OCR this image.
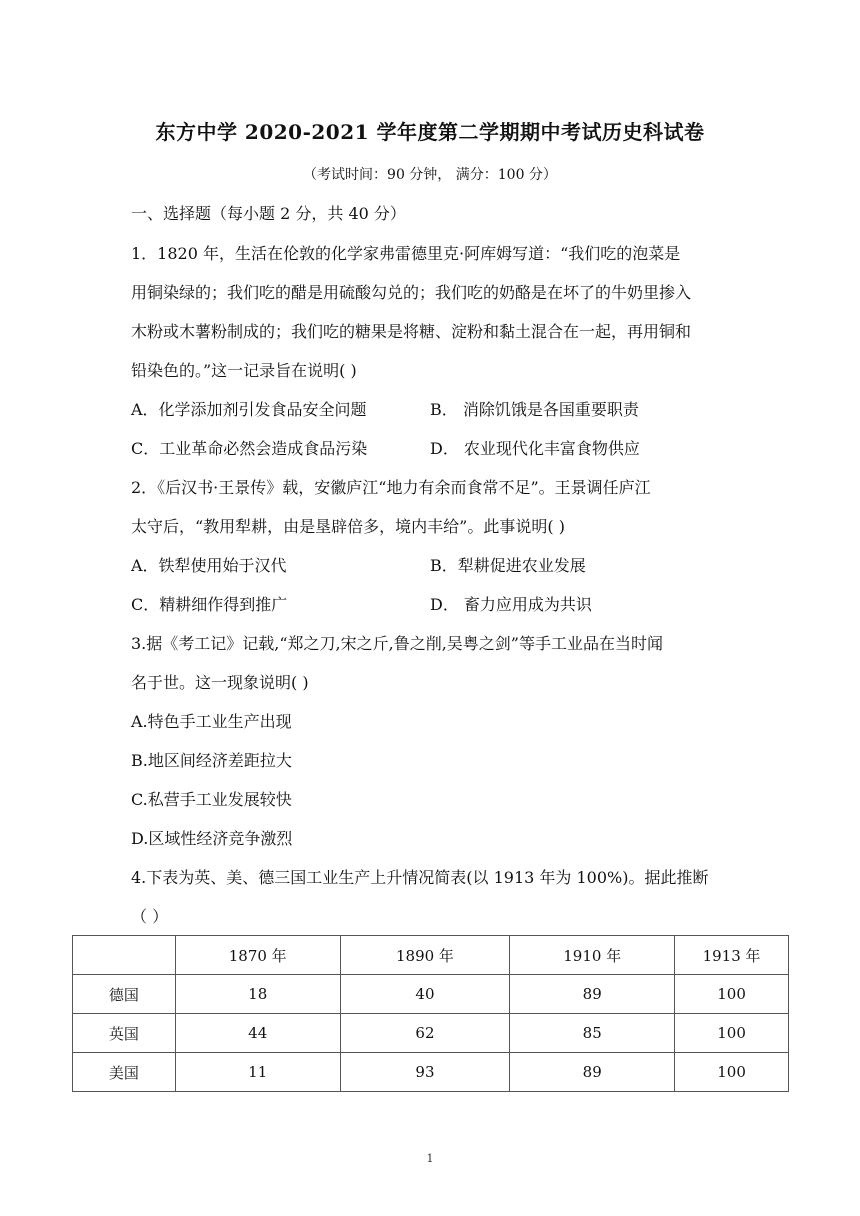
东方中学 2020-2021 学年度第二学期期中考试历史科试卷
（考试时间：90 分钟， 满分：100 分）
一、选择题（每小题 2 分，共 40 分）
1．1820 年，生活在伦敦的化学家弗雷德里克·阿库姆写道：“我们吃的泡菜是
用铜染绿的；我们吃的醋是用硫酸勾兑的；我们吃的奶酪是在坏了的牛奶里掺入
木粉或木薯粉制成的；我们吃的糖果是将糖、淀粉和黏土混合在一起，再用铜和
铅染色的。”这一记录旨在说明( )
A．化学添加剂引发食品安全问题	B． 消除饥饿是各国重要职责
C．工业革命必然会造成食品污染	D． 农业现代化丰富食物供应
2．《后汉书·王景传》载，安徽庐江“地力有余而食常不足”。王景调任庐江
太守后，“教用犁耕，由是垦辟倍多，境内丰给”。此事说明( )
A．铁犁使用始于汉代	B．犁耕促进农业发展
C．精耕细作得到推广	D． 畜力应用成为共识
3.据《考工记》记载,“郑之刀,宋之斤,鲁之削,吴粤之剑”等手工业品在当时闻
名于世。这一现象说明( )
A.特色手工业生产出现
B.地区间经济差距拉大
C.私营手工业发展较快
D.区域性经济竞争激烈
4.下表为英、美、德三国工业生产上升情况简表(以 1913 年为 100%)。据此推断
（ ）
	1870 年	1890 年	1910 年	1913 年
德国	18	40	89	100
英国	44	62	85	100
美国	11	93	89	100
1
